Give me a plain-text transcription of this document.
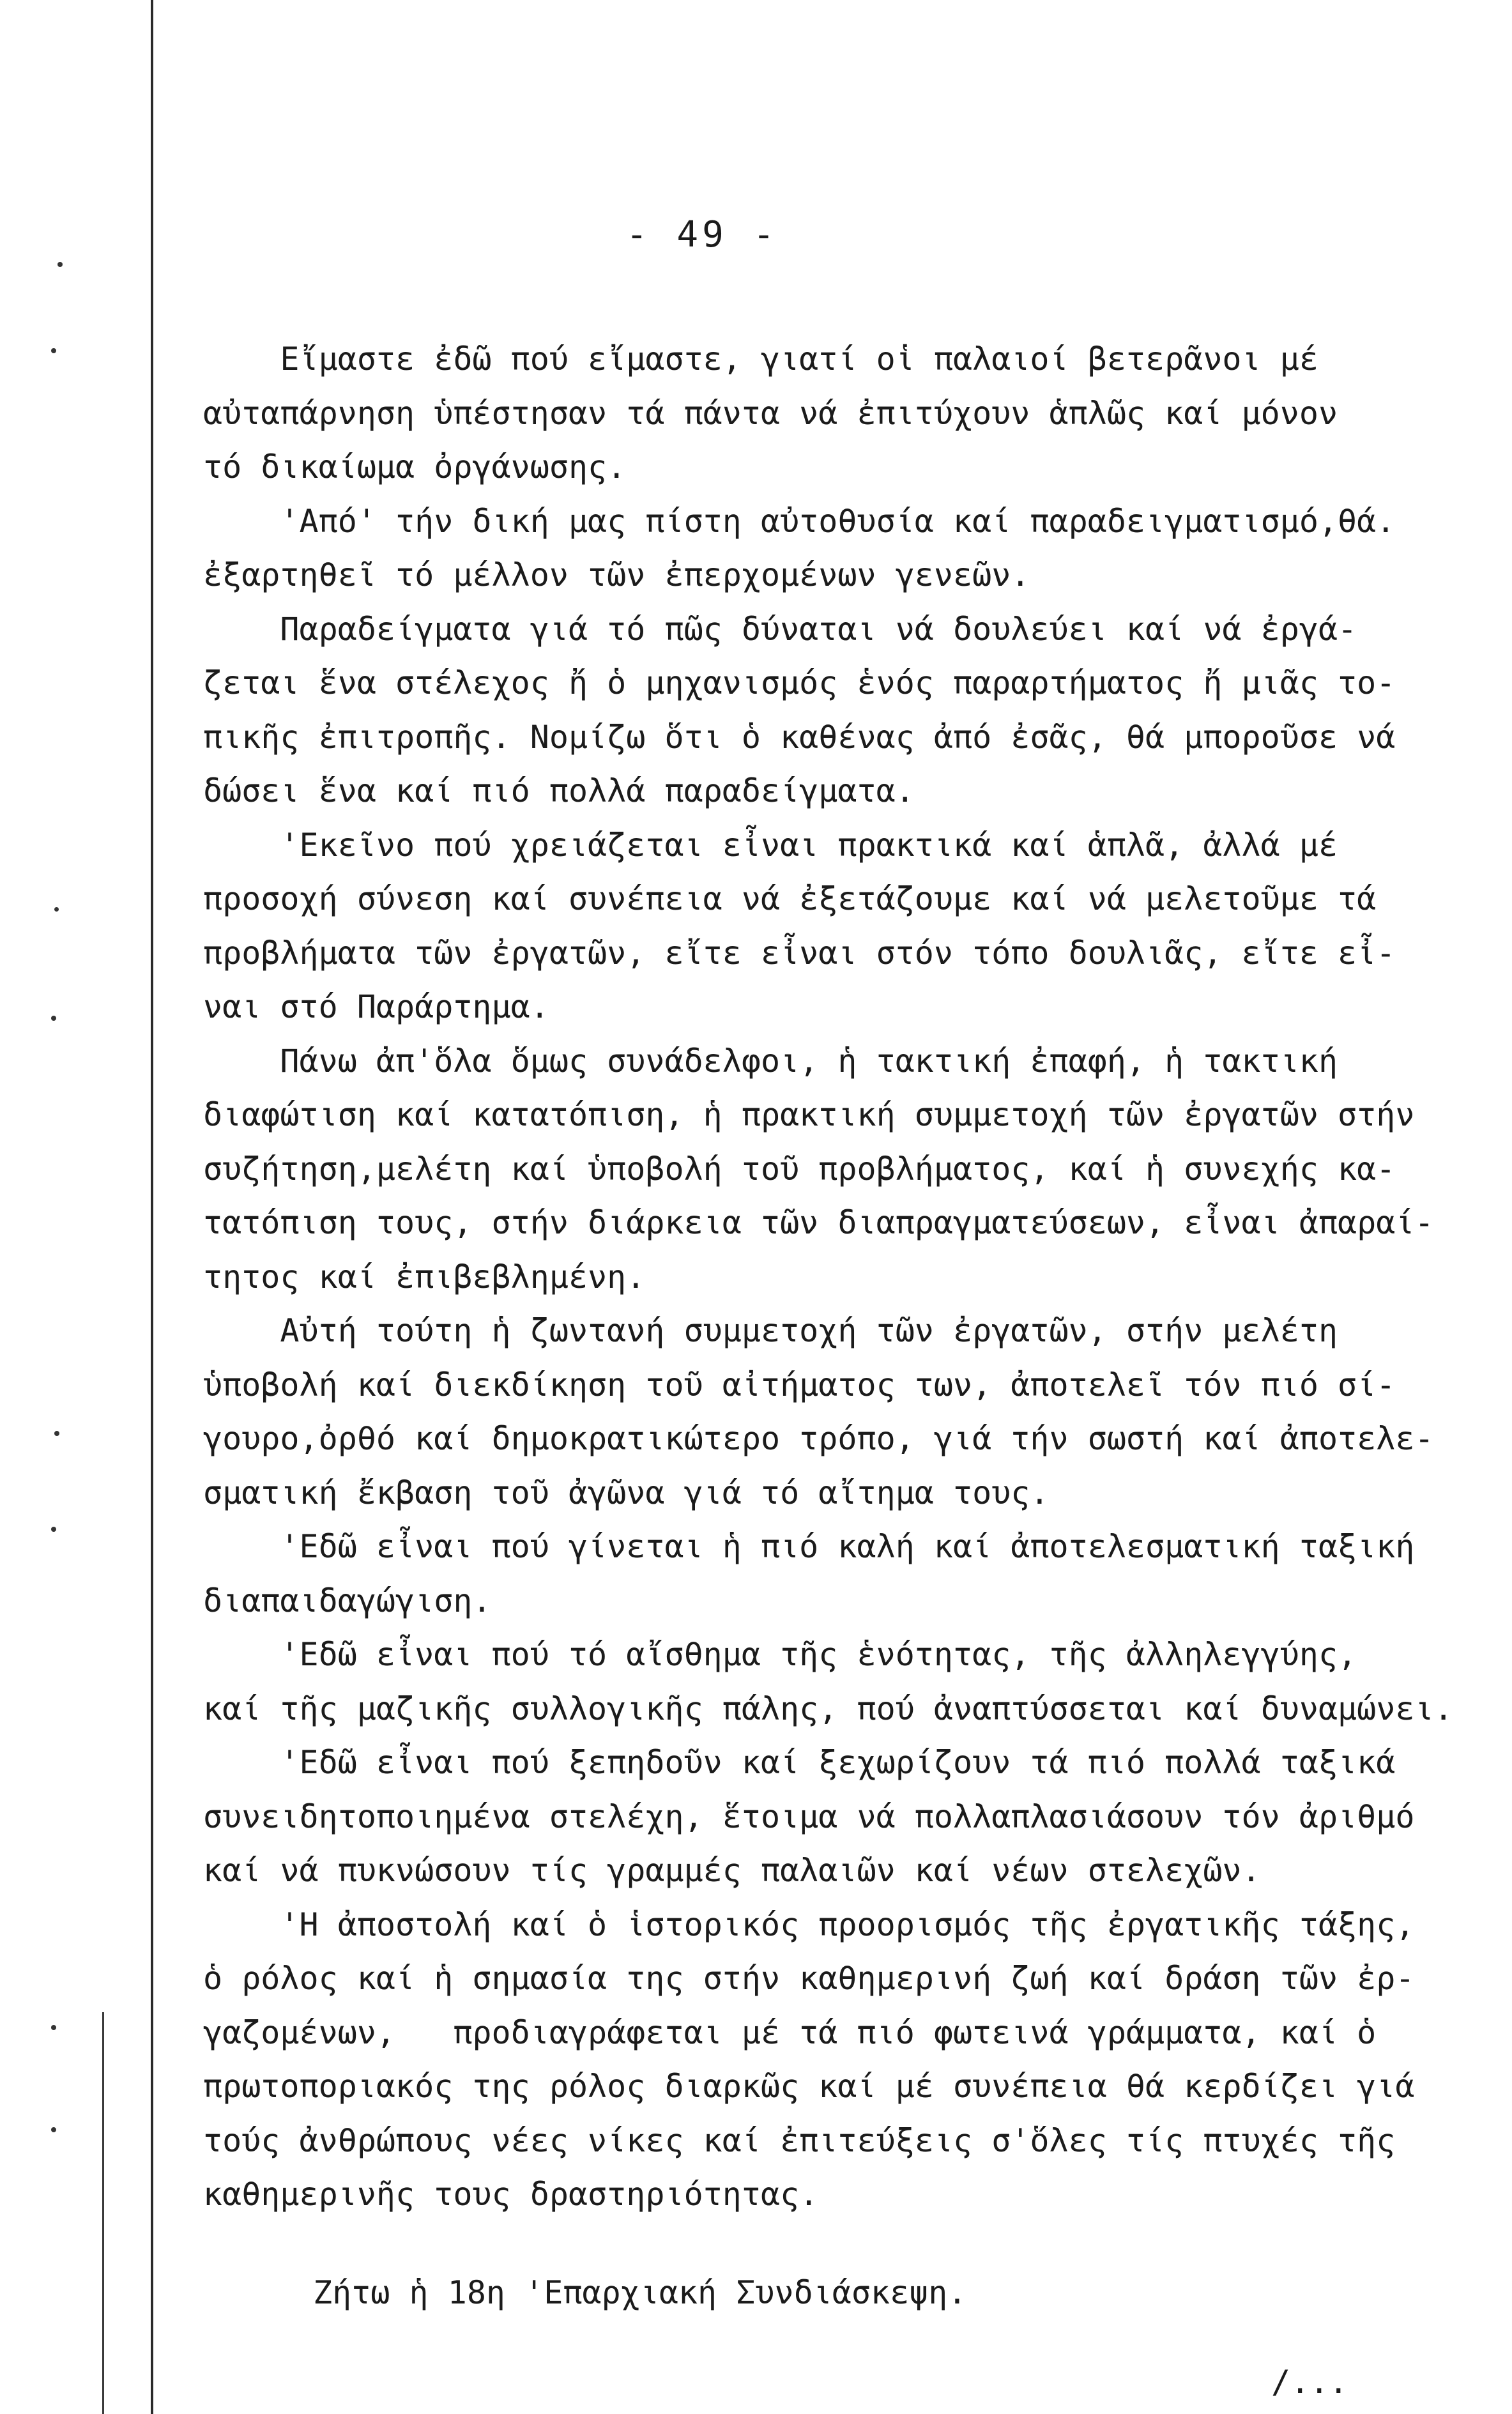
- 49 -
Εἴμαστε ἐδῶ πού εἴμαστε, γιατί οἱ παλαιοί βετερᾶνοι μέ
αὐταπάρνηση ὑπέστησαν τά πάντα νά ἐπιτύχουν ἁπλῶς καί μόνον
τό δικαίωμα ὀργάνωσης.
'Από' τήν δική μας πίστη αὐτοθυσία καί παραδειγματισμό,θά.
ἐξαρτηθεῖ τό μέλλον τῶν ἐπερχομένων γενεῶν.
Παραδείγματα γιά τό πῶς δύναται νά δουλεύει καί νά ἐργά-
ζεται ἕνα στέλεχος ἤ ὁ μηχανισμός ἑνός παραρτήματος ἤ μιᾶς το-
πικῆς ἐπιτροπῆς. Νομίζω ὅτι ὁ καθένας ἀπό ἐσᾶς, θά μποροῦσε νά
δώσει ἕνα καί πιό πολλά παραδείγματα.
'Εκεῖνο πού χρειάζεται εἶναι πρακτικά καί ἁπλᾶ, ἀλλά μέ
προσοχή σύνεση καί συνέπεια νά ἐξετάζουμε καί νά μελετοῦμε τά
προβλήματα τῶν ἐργατῶν, εἴτε εἶναι στόν τόπο δουλιᾶς, εἴτε εἶ-
ναι στό Παράρτημα.
Πάνω ἀπ'ὅλα ὅμως συνάδελφοι, ἡ τακτική ἐπαφή, ἡ τακτική
διαφώτιση καί κατατόπιση, ἡ πρακτική συμμετοχή τῶν ἐργατῶν στήν
συζήτηση,μελέτη καί ὑποβολή τοῦ προβλήματος, καί ἡ συνεχής κα-
τατόπιση τους, στήν διάρκεια τῶν διαπραγματεύσεων, εἶναι ἀπαραί-
τητος καί ἐπιβεβλημένη.
Αὐτή τούτη ἡ ζωντανή συμμετοχή τῶν ἐργατῶν, στήν μελέτη
ὑποβολή καί διεκδίκηση τοῦ αἰτήματος των, ἀποτελεῖ τόν πιό σί-
γουρο,ὀρθό καί δημοκρατικώτερο τρόπο, γιά τήν σωστή καί ἀποτελε-
σματική ἔκβαση τοῦ ἀγῶνα γιά τό αἴτημα τους.
'Εδῶ εἶναι πού γίνεται ἡ πιό καλή καί ἀποτελεσματική ταξική
διαπαιδαγώγιση.
'Εδῶ εἶναι πού τό αἴσθημα τῆς ἑνότητας, τῆς ἀλληλεγγύης,
καί τῆς μαζικῆς συλλογικῆς πάλης, πού ἀναπτύσσεται καί δυναμώνει.
'Εδῶ εἶναι πού ξεπηδοῦν καί ξεχωρίζουν τά πιό πολλά ταξικά
συνειδητοποιημένα στελέχη, ἕτοιμα νά πολλαπλασιάσουν τόν ἀριθμό
καί νά πυκνώσουν τίς γραμμές παλαιῶν καί νέων στελεχῶν.
'Η ἀποστολή καί ὁ ἱστορικός προορισμός τῆς ἐργατικῆς τάξης,
ὁ ρόλος καί ἡ σημασία της στήν καθημερινή ζωή καί δράση τῶν ἐρ-
γαζομένων,   προδιαγράφεται μέ τά πιό φωτεινά γράμματα, καί ὁ
πρωτοποριακός της ρόλος διαρκῶς καί μέ συνέπεια θά κερδίζει γιά
τούς ἀνθρώπους νέες νίκες καί ἐπιτεύξεις σ'ὅλες τίς πτυχές τῆς
καθημερινῆς τους δραστηριότητας.
Ζήτω ἡ 18η 'Επαρχιακή Συνδιάσκεψη.
/...
